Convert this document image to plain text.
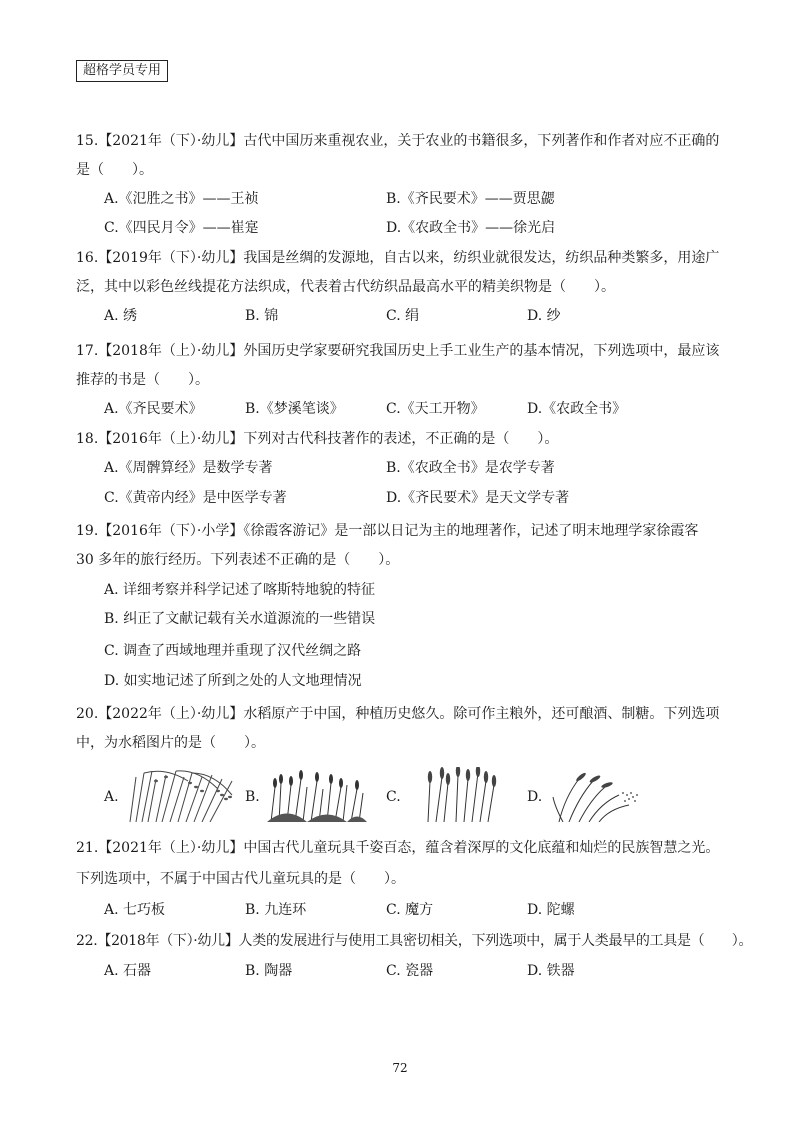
超格学员专用
15.【2021年（下）·幼儿】古代中国历来重视农业，关于农业的书籍很多，下列著作和作者对应不正确的
是（　　）。
A.《氾胜之书》——王祯	B.《齐民要术》——贾思勰
C.《四民月令》——崔寔	D.《农政全书》——徐光启
16.【2019年（下）·幼儿】我国是丝绸的发源地，自古以来，纺织业就很发达，纺织品种类繁多，用途广
泛，其中以彩色丝线提花方法织成，代表着古代纺织品最高水平的精美织物是（　　）。
A. 绣	B. 锦	C. 绢	D. 纱
17.【2018年（上）·幼儿】外国历史学家要研究我国历史上手工业生产的基本情况，下列选项中，最应该
推荐的书是（　　）。
A.《齐民要术》	B.《梦溪笔谈》	C.《天工开物》	D.《农政全书》
18.【2016年（上）·幼儿】下列对古代科技著作的表述，不正确的是（　　）。
A.《周髀算经》是数学专著	B.《农政全书》是农学专著
C.《黄帝内经》是中医学专著	D.《齐民要术》是天文学专著
19.【2016年（下）·小学】《徐霞客游记》是一部以日记为主的地理著作，记述了明末地理学家徐霞客
30 多年的旅行经历。下列表述不正确的是（　　）。
A. 详细考察并科学记述了喀斯特地貌的特征
B. 纠正了文献记载有关水道源流的一些错误
C. 调查了西域地理并重现了汉代丝绸之路
D. 如实地记述了所到之处的人文地理情况
20.【2022年（上）·幼儿】水稻原产于中国，种植历史悠久。除可作主粮外，还可酿酒、制糖。下列选项
中，为水稻图片的是（　　）。
A.	B.	C.	D.
21.【2021年（上）·幼儿】中国古代儿童玩具千姿百态，蕴含着深厚的文化底蕴和灿烂的民族智慧之光。
下列选项中，不属于中国古代儿童玩具的是（　　）。
A. 七巧板	B. 九连环	C. 魔方	D. 陀螺
22.【2018年（下）·幼儿】人类的发展进行与使用工具密切相关，下列选项中，属于人类最早的工具是（　　）。
A. 石器	B. 陶器	C. 瓷器	D. 铁器
72
